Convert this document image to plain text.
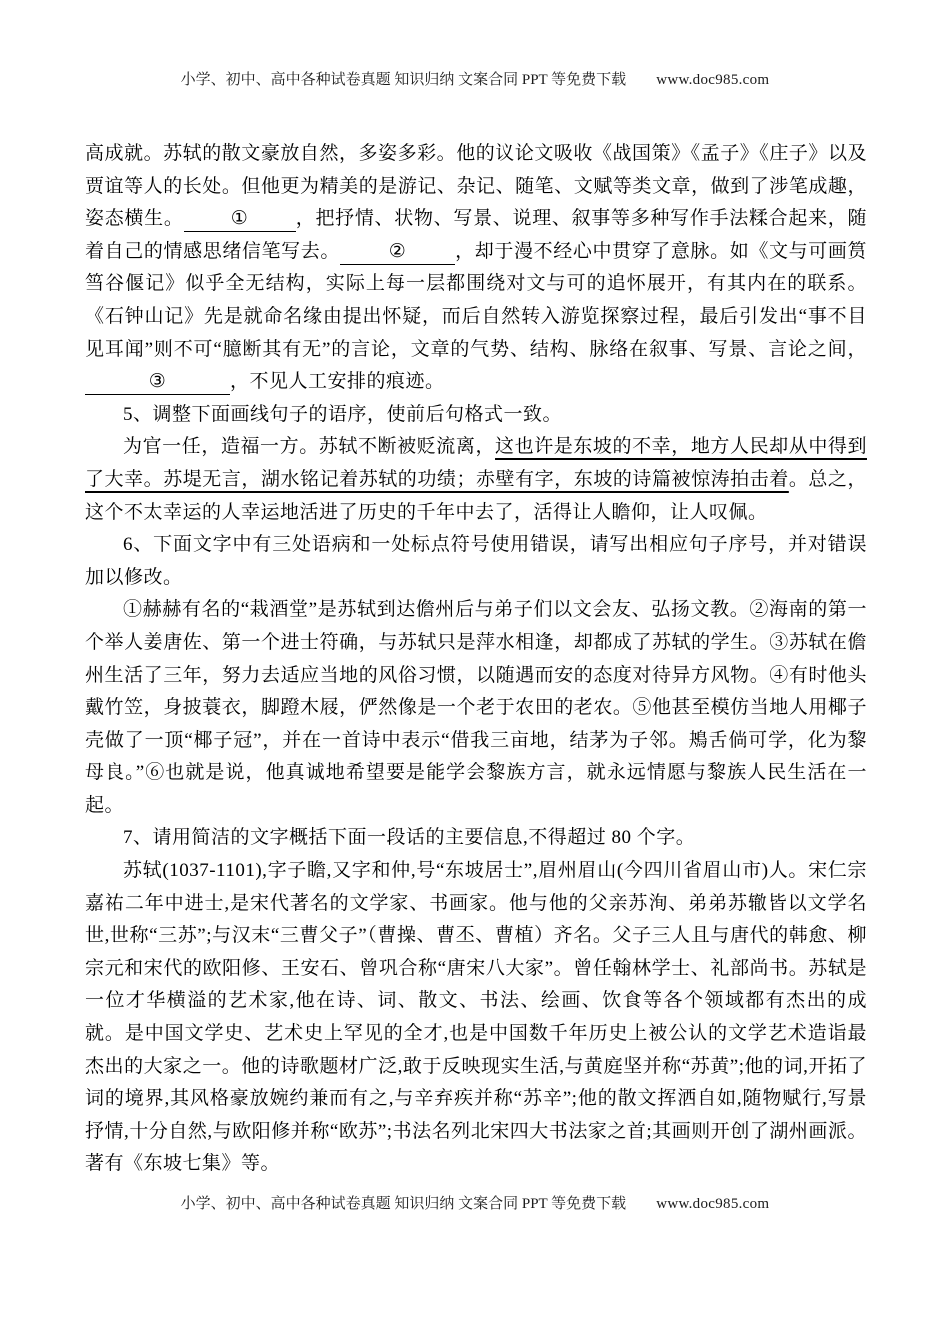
小学、初中、高中各种试卷真题 知识归纳 文案合同 PPT 等免费下载 www.doc985.com

高成就。苏轼的散文豪放自然，多姿多彩。他的议论文吸收《战国策》《孟子》《庄子》以及贾谊等人的长处。但他更为精美的是游记、杂记、随笔、文赋等类文章，做到了涉笔成趣，姿态横生。 ① ，把抒情、状物、写景、说理、叙事等多种写作手法糅合起来，随着自己的情感思绪信笔写去。	②	，却于漫不经心中贯穿了意脉。如《文与可画筼筜谷偃记》似乎全无结构，实际上每一层都围绕对文与可的追怀展开，有其内在的联系。《石钟山记》先是就命名缘由提出怀疑，而后自然转入游览探察过程，最后引发出“事不目见耳闻”则不可“臆断其有无”的言论，文章的气势、结构、脉络在叙事、写景、言论之间，③	，不见人工安排的痕迹。

5、调整下面画线句子的语序，使前后句格式一致。

为官一任，造福一方。苏轼不断被贬流离，这也许是东坡的不幸，地方人民却从中得到了大幸。苏堤无言，湖水铭记着苏轼的功绩；赤壁有字，东坡的诗篇被惊涛拍击着。总之，这个不太幸运的人幸运地活进了历史的千年中去了，活得让人瞻仰，让人叹佩。

6、下面文字中有三处语病和一处标点符号使用错误，请写出相应句子序号，并对错误加以修改。

①赫赫有名的“栽酒堂”是苏轼到达儋州后与弟子们以文会友、弘扬文教。②海南的第一个举人姜唐佐、第一个进士符确，与苏轼只是萍水相逢，却都成了苏轼的学生。③苏轼在儋州生活了三年，努力去适应当地的风俗习惯，以随遇而安的态度对待异方风物。④有时他头戴竹笠，身披蓑衣，脚蹬木屐，俨然像是一个老于农田的老农。⑤他甚至模仿当地人用椰子壳做了一顶“椰子冠”，并在一首诗中表示“借我三亩地，结茅为子邻。鴂舌倘可学，化为黎母良。”⑥也就是说，他真诚地希望要是能学会黎族方言，就永远情愿与黎族人民生活在一起。

7、请用简洁的文字概括下面一段话的主要信息,不得超过 80 个字。

苏轼(1037-1101),字子瞻,又字和仲,号“东坡居士”,眉州眉山(今四川省眉山市)人。宋仁宗嘉祐二年中进士,是宋代著名的文学家、书画家。他与他的父亲苏洵、弟弟苏辙皆以文学名世,世称“三苏”;与汉末“三曹父子”（曹操、曹丕、曹植）齐名。父子三人且与唐代的韩愈、柳宗元和宋代的欧阳修、王安石、曾巩合称“唐宋八大家”。曾任翰林学士、礼部尚书。苏轼是一位才华横溢的艺术家,他在诗、词、散文、书法、绘画、饮食等各个领域都有杰出的成就。是中国文学史、艺术史上罕见的全才,也是中国数千年历史上被公认的文学艺术造诣最杰出的大家之一。他的诗歌题材广泛,敢于反映现实生活,与黄庭坚并称“苏黄”;他的词,开拓了词的境界,其风格豪放婉约兼而有之,与辛弃疾并称“苏辛”;他的散文挥洒自如,随物赋行,写景抒情,十分自然,与欧阳修并称“欧苏”;书法名列北宋四大书法家之首;其画则开创了湖州画派。著有《东坡七集》等。

小学、初中、高中各种试卷真题 知识归纳 文案合同 PPT 等免费下载 www.doc985.com
